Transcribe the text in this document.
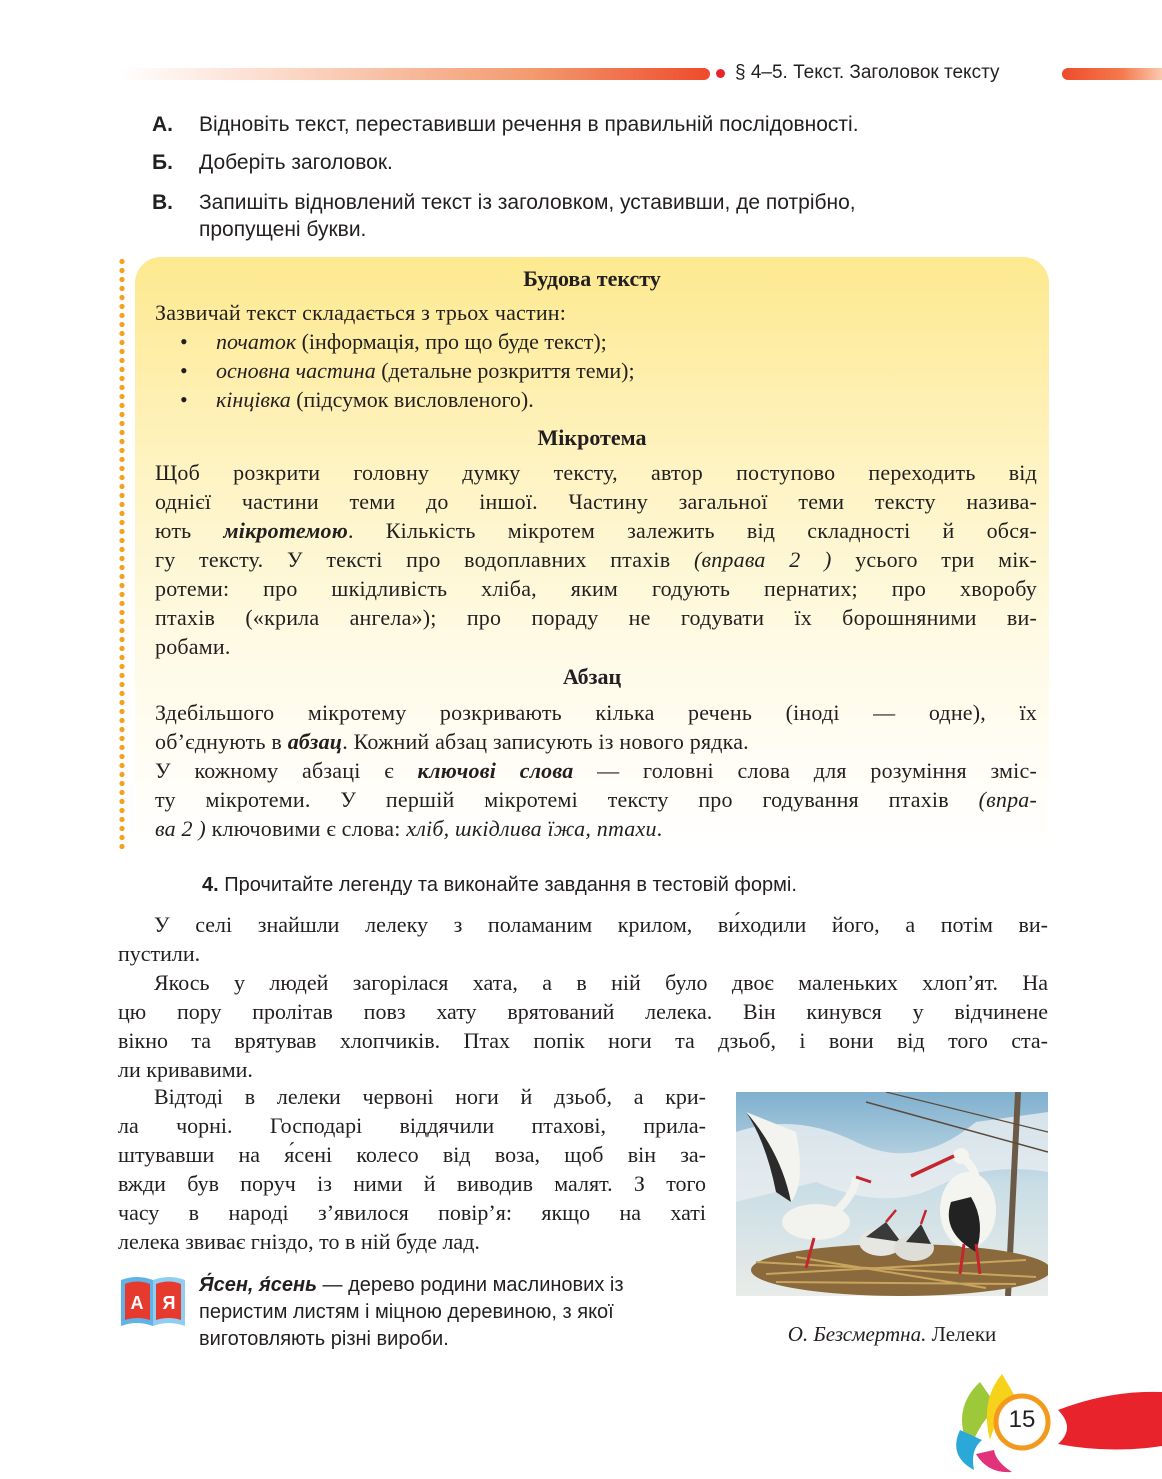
§ 4–5. Текст. Заголовок тексту
А. Відновіть текст, переставивши речення в правильній послідовності.
Б. Доберіть заголовок.
В. Запишіть відновлений текст із заголовком, уставивши, де потрібно,
пропущені букви.
Будова тексту
Зазвичай текст складається з трьох частин:
• початок (інформація, про що буде текст);
• основна частина (детальне розкриття теми);
• кінцівка (підсумок висловленого).
Мікротема
Щоб розкрити головну думку тексту, автор поступово переходить від
однієї частини теми до іншої. Частину загальної теми тексту назива-
ють мікротемою. Кількість мікротем залежить від складності й обся-
гу тексту. У тексті про водоплавних птахів (вправа 2 ) усього три мік-
ротеми: про шкідливість хліба, яким годують пернатих; про хворобу
птахів («крила ангела»); про пораду не годувати їх борошняними ви-
робами.
Абзац
Здебільшого мікротему розкривають кілька речень (іноді — одне), їх
об’єднують в абзац. Кожний абзац записують із нового рядка.
У кожному абзаці є ключові слова — головні слова для розуміння зміс-
ту мікротеми. У першій мікротемі тексту про годування птахів (впра-
ва 2 ) ключовими є слова: хліб, шкідлива їжа, птахи.
4. Прочитайте легенду та виконайте завдання в тестовій формі.
У селі знайшли лелеку з поламаним крилом, ви́ходили його, а потім ви-
пустили.
Якось у людей загорілася хата, а в ній було двоє маленьких хлоп’ят. На
цю пору пролітав повз хату врятований лелека. Він кинувся у відчинене
вікно та врятував хлопчиків. Птах попік ноги та дзьоб, і вони від того ста-
ли кривавими.
Відтоді в лелеки червоні ноги й дзьоб, а кри-
ла чорні. Господарі віддячили птахові, прила-
штувавши на я́сені колесо від воза, щоб він за-
вжди був поруч із ними й виводив малят. З того
часу в народі з’явилося повір’я: якщо на хаті
лелека звиває гніздо, то в ній буде лад.
О. Безсмертна. Лелеки
А Я
Я́сен, я́сень — дерево родини маслинових із
перистим листям і міцною деревиною, з якої
виготовляють різні вироби.
15
